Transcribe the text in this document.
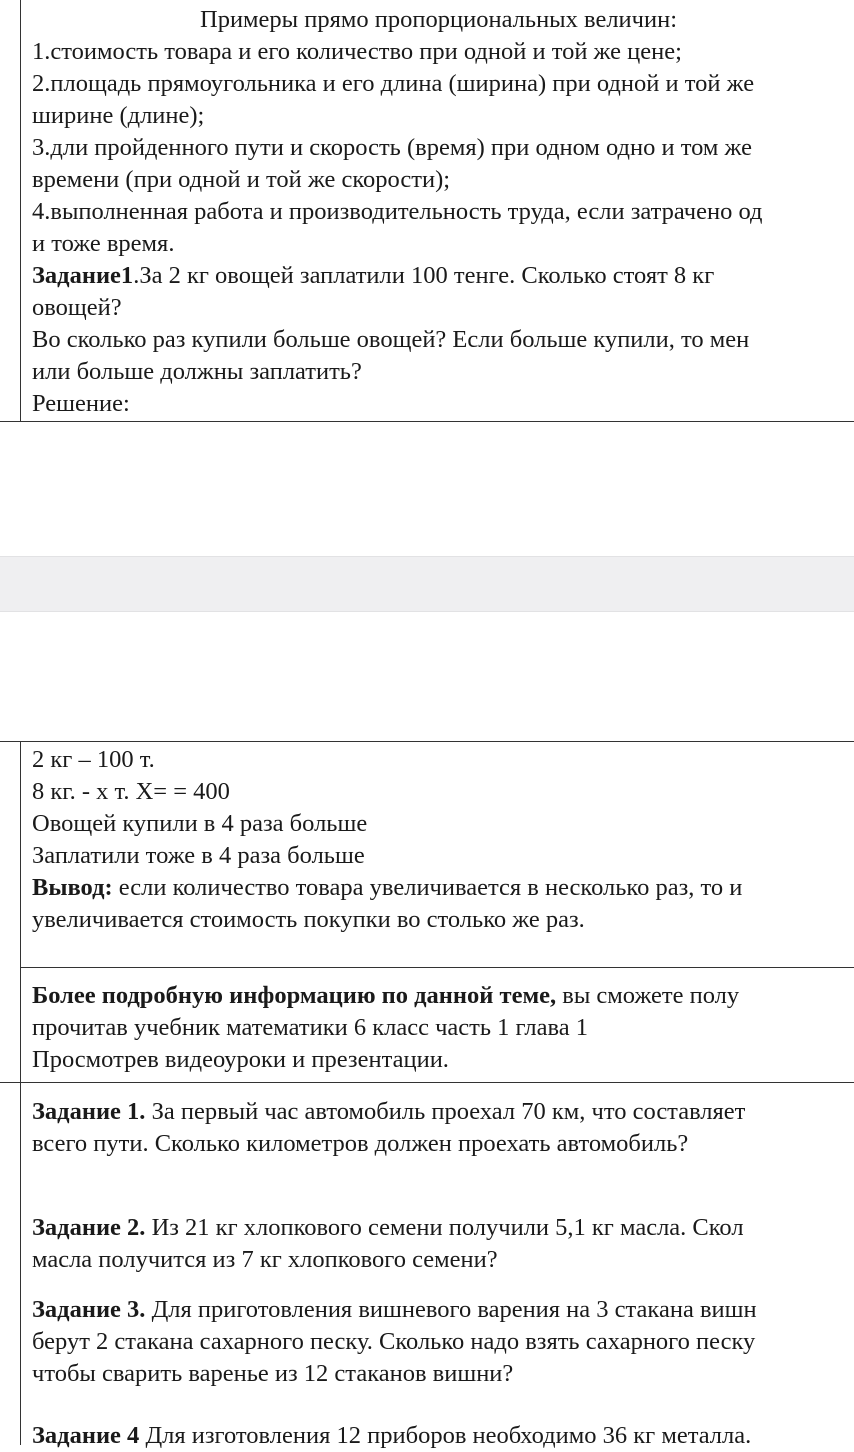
Примеры прямо пропорциональных величин:
1.стоимость товара и его количество при одной и той же цене;
2.площадь прямоугольника и его длина (ширина) при одной и той же
ширине (длине);
3.дли пройденного пути и скорость (время) при одном одно и том же
времени (при одной и той же скорости);
4.выполненная работа и производительность труда, если затрачено од
и тоже время.
Задание1.За 2 кг овощей заплатили 100 тенге. Сколько стоят 8 кг
овощей?
Во сколько раз купили больше овощей? Если больше купили, то мен
или больше должны заплатить?
Решение:
2 кг – 100 т.
8 кг. - х т. Х= = 400
Овощей купили в 4 раза больше
Заплатили тоже в 4 раза больше
Вывод: если количество товара увеличивается в несколько раз, то и
увеличивается стоимость покупки во столько же раз.
Более подробную информацию по данной теме, вы сможете полу
прочитав учебник математики 6 класс часть 1 глава 1
Просмотрев видеоуроки и презентации.
Задание 1. За первый час автомобиль проехал 70 км, что составляет
всего пути. Сколько километров должен проехать автомобиль?
Задание 2. Из 21 кг хлопкового семени получили 5,1 кг масла. Скол
масла получится из 7 кг хлопкового семени?
Задание 3. Для приготовления вишневого варения на 3 стакана вишн
берут 2 стакана сахарного песку. Сколько надо взять сахарного песку
чтобы сварить варенье из 12 стаканов вишни?
Задание 4 Для изготовления 12 приборов необходимо 36 кг металла.
